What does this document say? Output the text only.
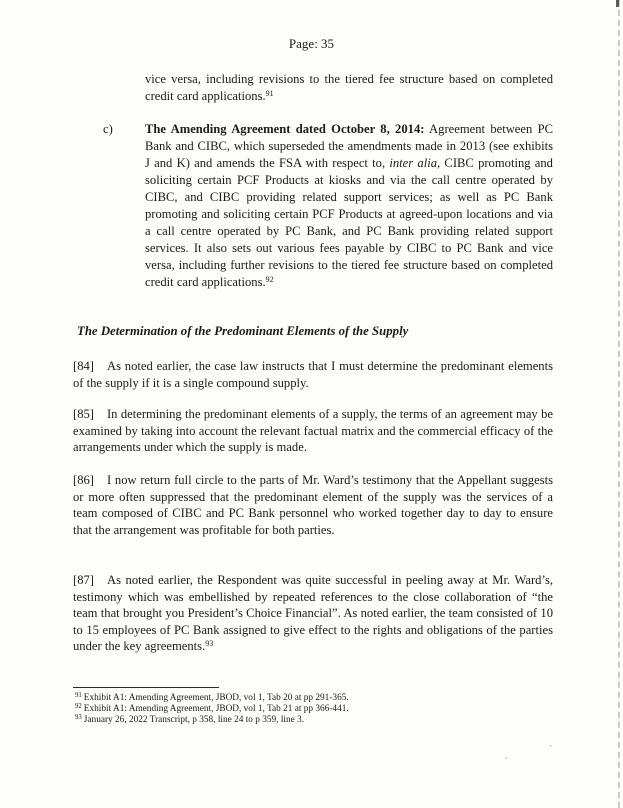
Page: 35
vice versa, including revisions to the tiered fee structure based on completed credit card applications.$^{91}$
c)	The Amending Agreement dated October 8, 2014: Agreement between PC Bank and CIBC, which superseded the amendments made in 2013 (see exhibits J and K) and amends the FSA with respect to, inter alia, CIBC promoting and soliciting certain PCF Products at kiosks and via the call centre operated by CIBC, and CIBC providing related support services; as well as PC Bank promoting and soliciting certain PCF Products at agreed-upon locations and via a call centre operated by PC Bank, and PC Bank providing related support services. It also sets out various fees payable by CIBC to PC Bank and vice versa, including further revisions to the tiered fee structure based on completed credit card applications.$^{92}$
The Determination of the Predominant Elements of the Supply
[84] As noted earlier, the case law instructs that I must determine the predominant elements of the supply if it is a single compound supply.
[85] In determining the predominant elements of a supply, the terms of an agreement may be examined by taking into account the relevant factual matrix and the commercial efficacy of the arrangements under which the supply is made.
[86] I now return full circle to the parts of Mr. Ward’s testimony that the Appellant suggests or more often suppressed that the predominant element of the supply was the services of a team composed of CIBC and PC Bank personnel who worked together day to day to ensure that the arrangement was profitable for both parties.
[87] As noted earlier, the Respondent was quite successful in peeling away at Mr. Ward’s, testimony which was embellished by repeated references to the close collaboration of “the team that brought you President’s Choice Financial”. As noted earlier, the team consisted of 10 to 15 employees of PC Bank assigned to give effect to the rights and obligations of the parties under the key agreements.$^{93}$
$^{91}$ Exhibit A1: Amending Agreement, JBOD, vol 1, Tab 20 at pp 291-365.
$^{92}$ Exhibit A1: Amending Agreement, JBOD, vol 1, Tab 21 at pp 366-441.
$^{93}$ January 26, 2022 Transcript, p 358, line 24 to p 359, line 3.
